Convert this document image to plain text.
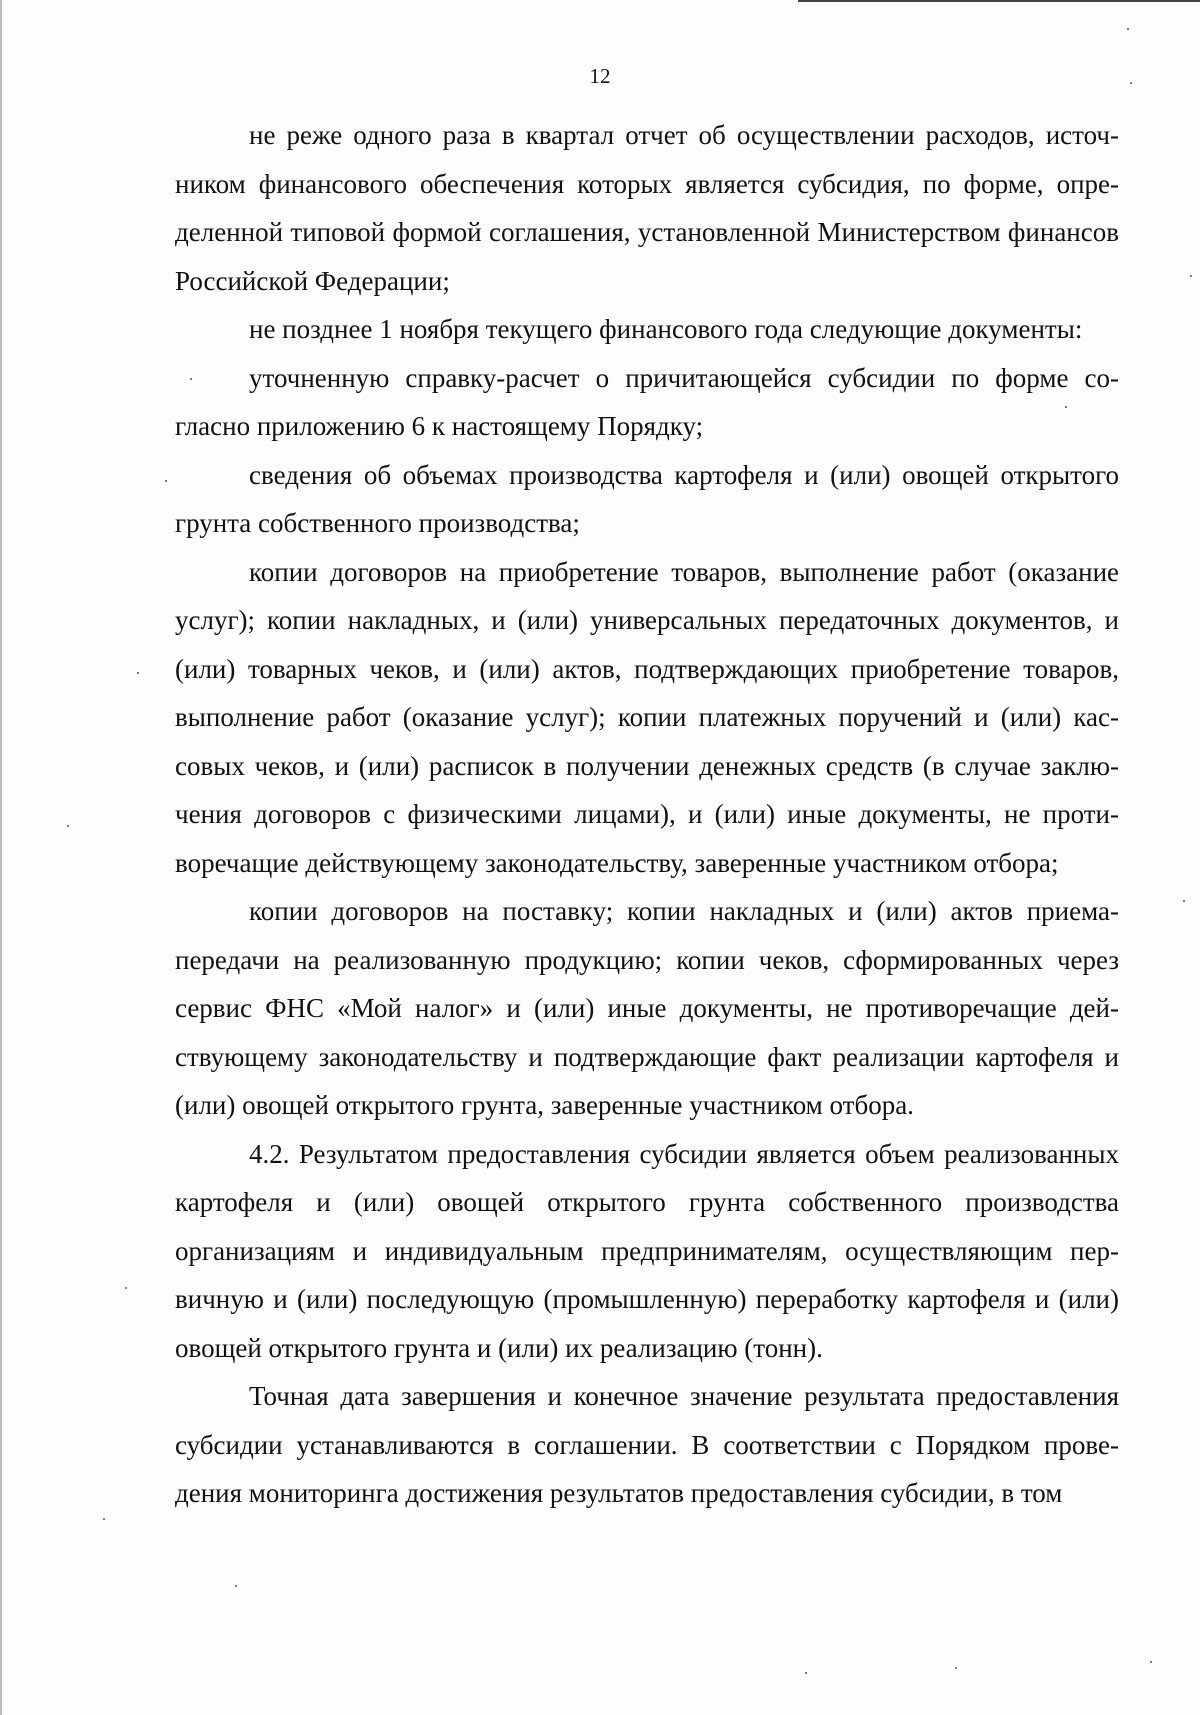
12

не реже одного раза в квартал отчет об осуществлении расходов, источником финансового обеспечения которых является субсидия, по форме, определенной типовой формой соглашения, установленной Министерством финансов Российской Федерации;

не позднее 1 ноября текущего финансового года следующие документы:

уточненную справку-расчет о причитающейся субсидии по форме согласно приложению 6 к настоящему Порядку;

сведения об объемах производства картофеля и (или) овощей открытого грунта собственного производства;

копии договоров на приобретение товаров, выполнение работ (оказание услуг); копии накладных, и (или) универсальных передаточных документов, и (или) товарных чеков, и (или) актов, подтверждающих приобретение товаров, выполнение работ (оказание услуг); копии платежных поручений и (или) кассовых чеков, и (или) расписок в получении денежных средств (в случае заключения договоров с физическими лицами), и (или) иные документы, не противоречащие действующему законодательству, заверенные участником отбора;

копии договоров на поставку; копии накладных и (или) актов приема-передачи на реализованную продукцию; копии чеков, сформированных через сервис ФНС «Мой налог» и (или) иные документы, не противоречащие действующему законодательству и подтверждающие факт реализации картофеля и (или) овощей открытого грунта, заверенные участником отбора.

4.2. Результатом предоставления субсидии является объем реализованных картофеля и (или) овощей открытого грунта собственного производства организациям и индивидуальным предпринимателям, осуществляющим первичную и (или) последующую (промышленную) переработку картофеля и (или) овощей открытого грунта и (или) их реализацию (тонн).

Точная дата завершения и конечное значение результата предоставления субсидии устанавливаются в соглашении. В соответствии с Порядком проведения мониторинга достижения результатов предоставления субсидии, в том
